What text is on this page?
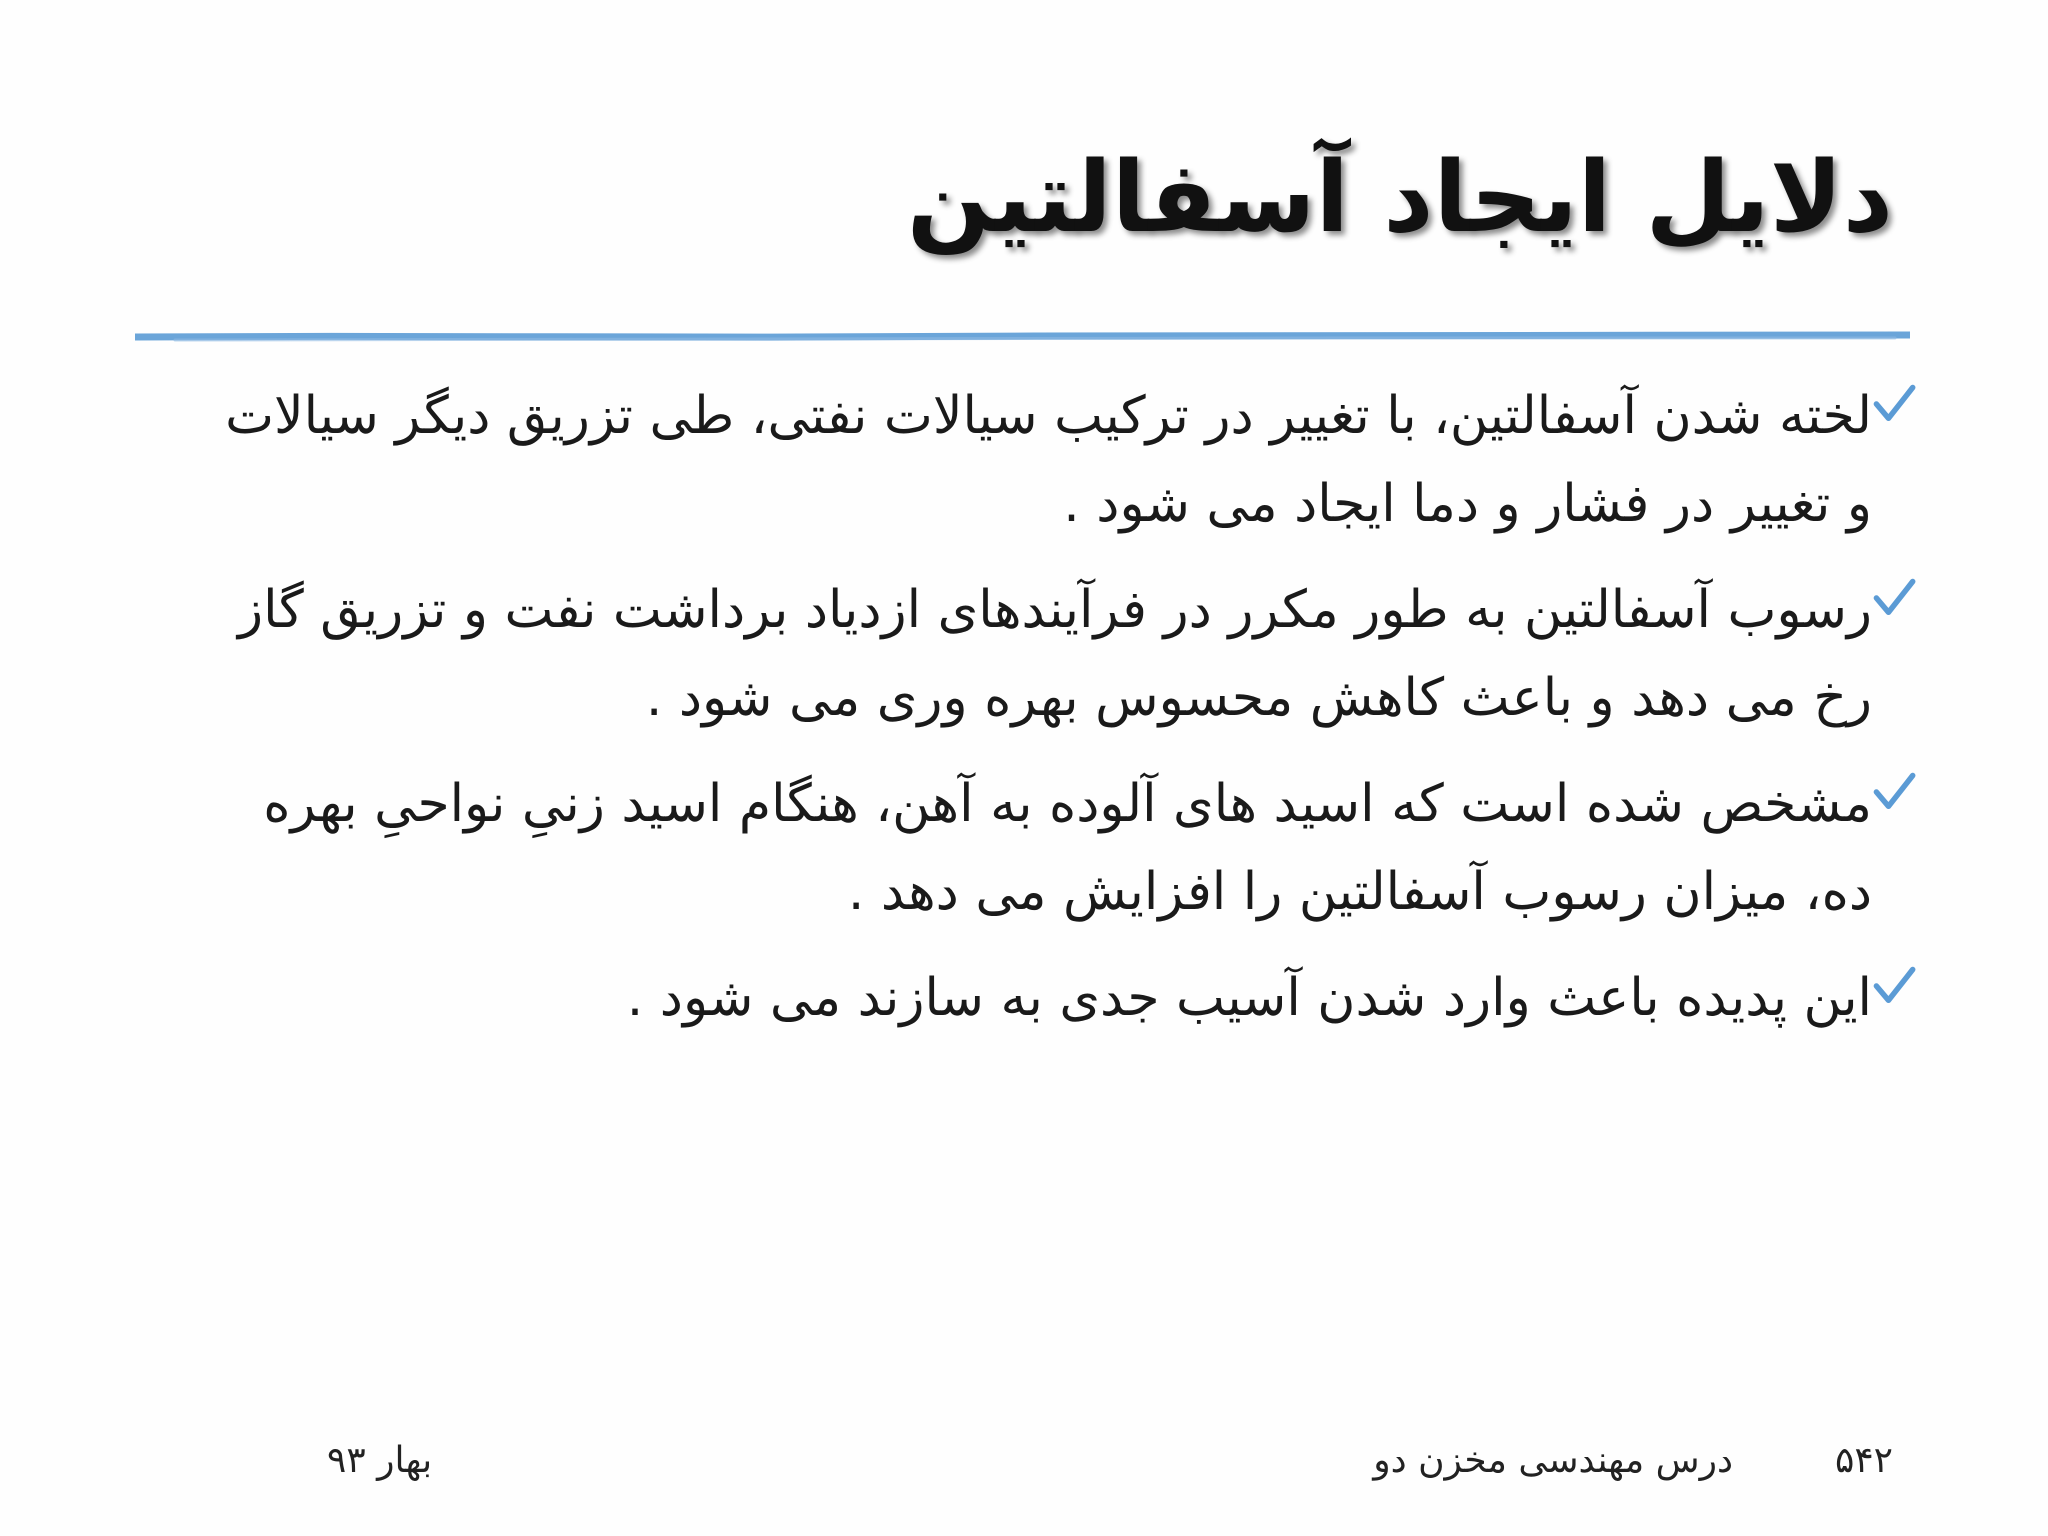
دلایل ایجاد آسفالتین
لخته شدن آسفالتین، با تغییر در ترکیب سیالات نفتی، طی تزریق دیگر سیالات و تغییر در فشار و دما ایجاد می شود .
رسوب آسفالتین به طور مکرر در فرآیندهای ازدیاد برداشت نفت و تزریق گاز رخ می دهد و باعث کاهش محسوس بهره وری می شود .
مشخص شده است که اسید های آلوده به آهن، هنگام اسید زنیِ نواحیِ بهره ده، میزان رسوب آسفالتین را افزایش می دهد .
این پدیده باعث وارد شدن آسیب جدی به سازند می شود .
۵۴۲
درس مهندسی مخزن دو
بهار ۹۳
